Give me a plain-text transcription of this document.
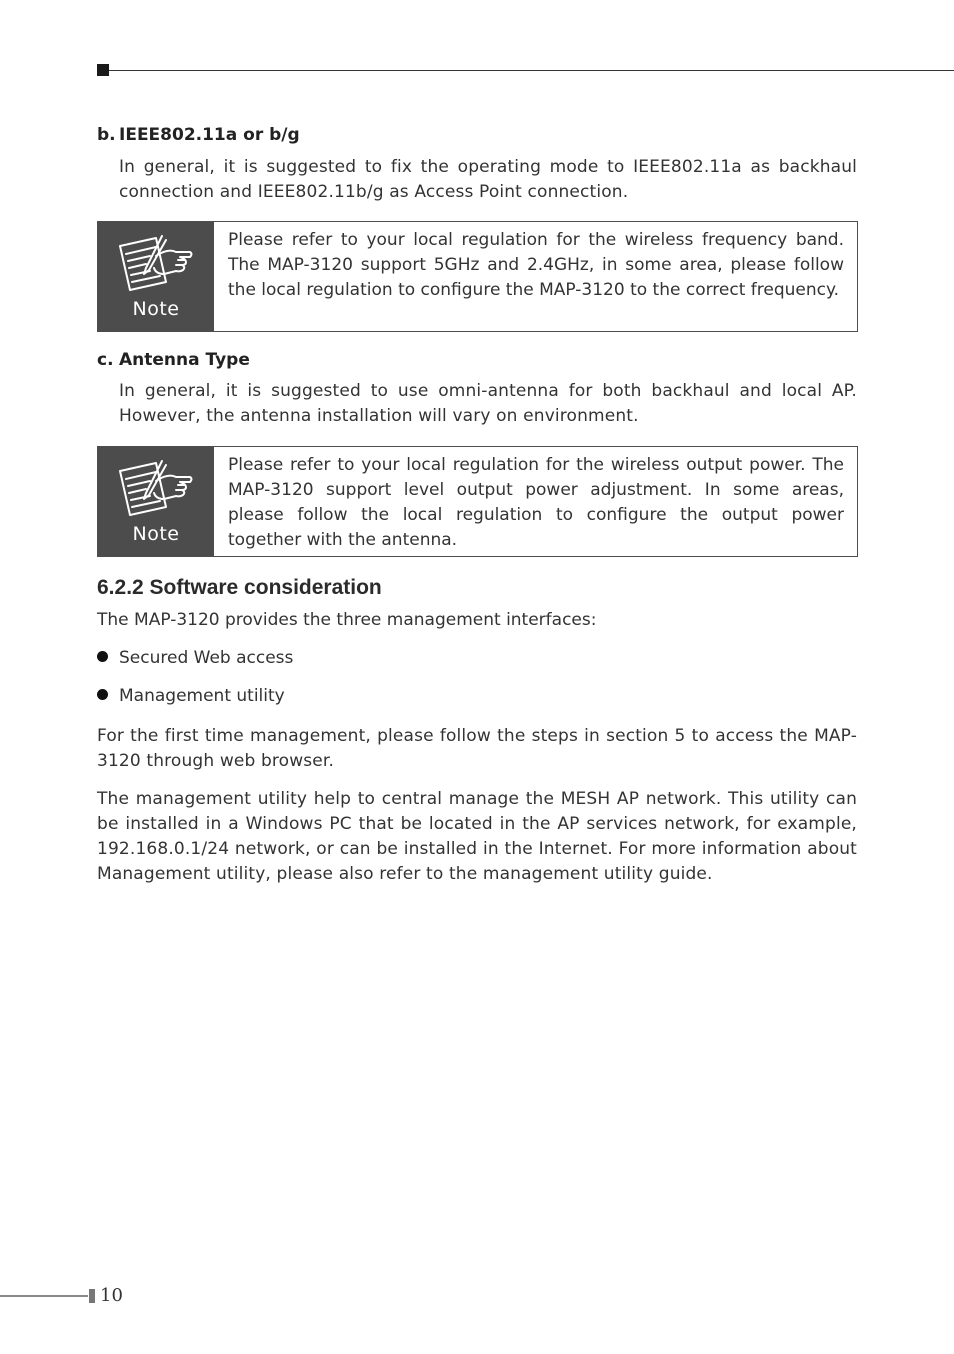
b. IEEE802.11a or b/g
In general, it is suggested to fix the operating mode to IEEE802.11a as backhaul connection and IEEE802.11b/g as Access Point connection.
Note
Please refer to your local regulation for the wireless frequency band. The MAP-3120 support 5GHz and 2.4GHz, in some area, please follow the local regulation to configure the MAP-3120 to the correct frequency.
c. Antenna Type
In general, it is suggested to use omni-antenna for both backhaul and local AP. However, the antenna installation will vary on environment.
Note
Please refer to your local regulation for the wireless output power. The MAP-3120 support level output power adjustment. In some areas, please follow the local regulation to configure the output power together with the antenna.
6.2.2 Software consideration
The MAP-3120 provides the three management interfaces:
Secured Web access
Management utility
For the first time management, please follow the steps in section 5 to access the MAP-3120 through web browser.
The management utility help to central manage the MESH AP network. This utility can be installed in a Windows PC that be located in the AP services network, for example, 192.168.0.1/24 network, or can be installed in the Internet. For more information about Management utility, please also refer to the management utility guide.
10
